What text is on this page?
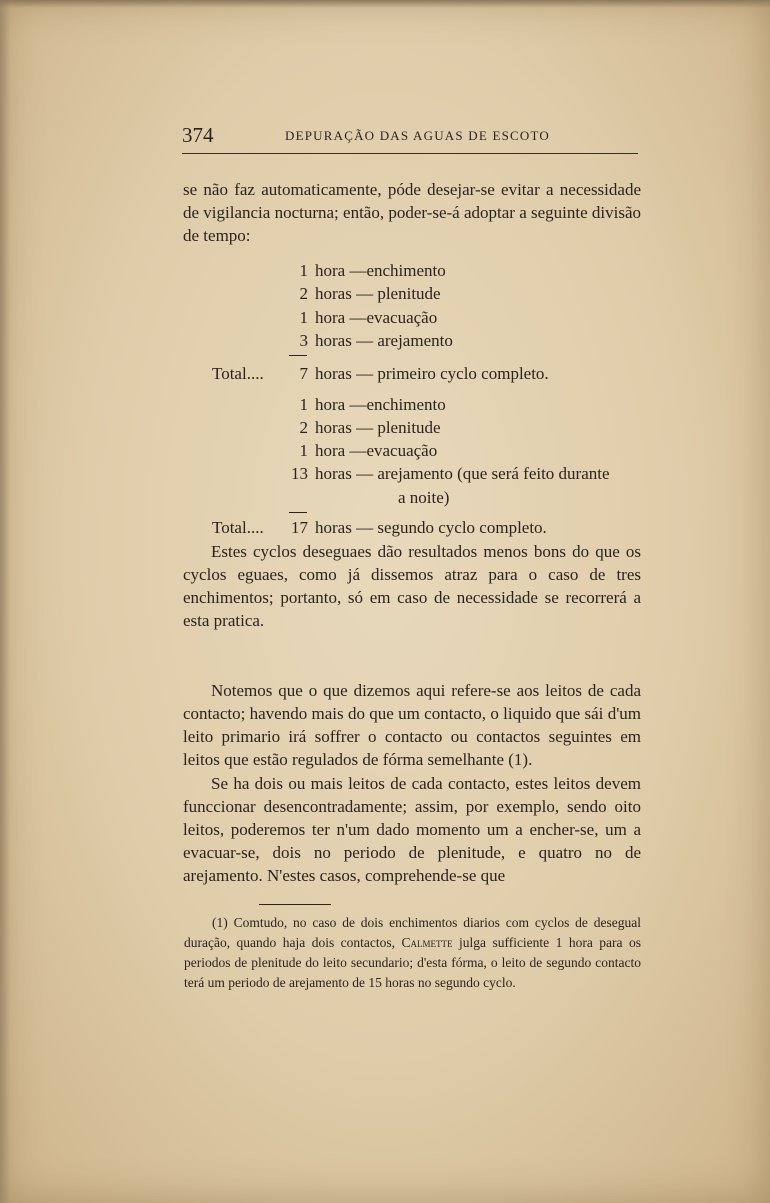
374	DEPURAÇÃO DAS AGUAS DE ESCOTO
se não faz automaticamente, póde desejar-se evitar a necessidade de vigilancia nocturna; então, poder-se-á adoptar a seguinte divisão de tempo:
1 hora —enchimento
2 horas — plenitude
1 hora —evacuação
3 horas — arejamento
Total....	7 horas — primeiro cyclo completo.
1 hora —enchimento
2 horas — plenitude
1 hora —evacuação
13 horas — arejamento (que será feito durante
a noite)
Total....	17 horas — segundo cyclo completo.
Estes cyclos deseguaes dão resultados menos bons do que os cyclos eguaes, como já dissemos atraz para o caso de tres enchimentos; portanto, só em caso de necessidade se recorrerá a esta pratica.
Notemos que o que dizemos aqui refere-se aos leitos de cada contacto; havendo mais do que um contacto, o liquido que sái d'um leito primario irá soffrer o contacto ou contactos seguintes em leitos que estão regulados de fórma semelhante (1).
Se ha dois ou mais leitos de cada contacto, estes leitos devem funccionar desencontradamente; assim, por exemplo, sendo oito leitos, poderemos ter n'um dado momento um a encher-se, um a evacuar-se, dois no periodo de plenitude, e quatro no de arejamento. N'estes casos, comprehende-se que
(1) Comtudo, no caso de dois enchimentos diarios com cyclos de desegual duração, quando haja dois contactos, Calmette julga sufficiente 1 hora para os periodos de plenitude do leito secundario; d'esta fórma, o leito de segundo contacto terá um periodo de arejamento de 15 horas no segundo cyclo.
